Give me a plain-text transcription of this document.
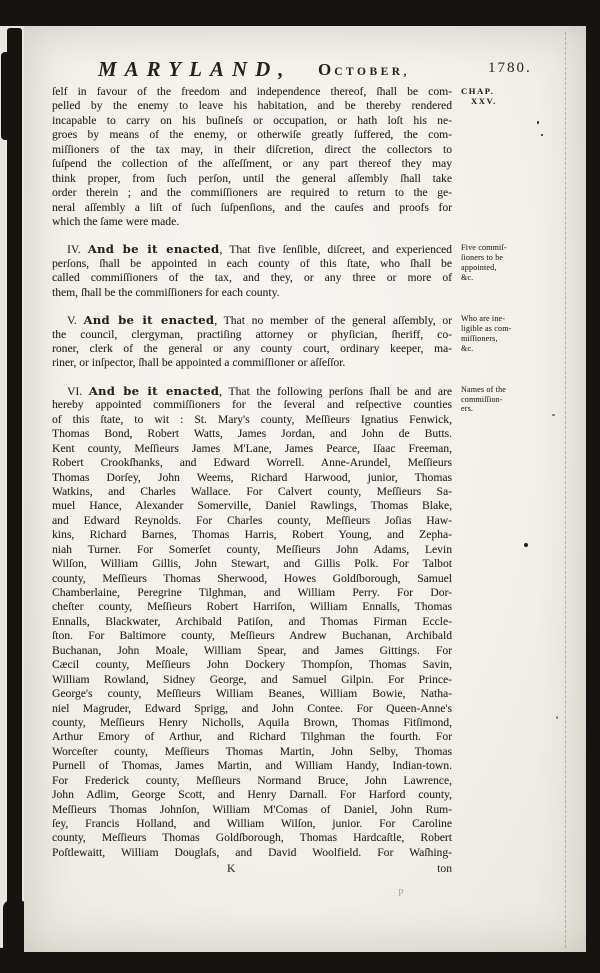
MARYLAND, OCTOBER,	1780.
ſelf in favour of the freedom and independence thereof, ſhall be com-
pelled by the enemy to leave his habitation, and be thereby rendered
incapable to carry on his buſineſs or occupation, or hath loſt his ne-
groes by means of the enemy, or otherwiſe greatly ſuffered, the com-
miſſioners of the tax may, in their diſcretion, direct the collectors to
ſuſpend the collection of the aſſeſſment, or any part thereof they may
think proper, from ſuch perſon, until the general aſſembly ſhall take
order therein ; and the commiſſioners are required to return to the ge-
neral aſſembly a liſt of ſuch ſuſpenſions, and the cauſes and proofs for
which the ſame were made.
CHAP.
XXV.
IV. And be it enacted, That five ſenſible, diſcreet, and experienced
perſons, ſhall be appointed in each county of this ſtate, who ſhall be
called commiſſioners of the tax, and they, or any three or more of
them, ſhall be the commiſſioners for each county.
Five commiſ-
ſioners to be
appointed,
&c.
V. And be it enacted, That no member of the general aſſembly, or
the council, clergyman, practiſing attorney or phyſician, ſheriff, co-
roner, clerk of the general or any county court, ordinary keeper, ma-
riner, or inſpector, ſhall be appointed a commiſſioner or aſſeſſor.
Who are ine-
ligible as com-
miſſioners,
&c.
VI. And be it enacted, That the following perſons ſhall be and are
hereby appointed commiſſioners for the ſeveral and reſpective counties
of this ſtate, to wit : St. Mary's county, Meſſieurs Ignatius Fenwick,
Thomas Bond, Robert Watts, James Jordan, and John de Butts.
Kent county, Meſſieurs James M'Lane, James Pearce, Iſaac Freeman,
Robert Crookſhanks, and Edward Worrell. Anne-Arundel, Meſſieurs
Thomas Dorſey, John Weems, Richard Harwood, junior, Thomas
Watkins, and Charles Wallace. For Calvert county, Meſſieurs Sa-
muel Hance, Alexander Somerville, Daniel Rawlings, Thomas Blake,
and Edward Reynolds. For Charles county, Meſſieurs Joſias Haw-
kins, Richard Barnes, Thomas Harris, Robert Young, and Zepha-
niah Turner. For Somerſet county, Meſſieurs John Adams, Levin
Wilſon, William Gillis, John Stewart, and Gillis Polk. For Talbot
county, Meſſieurs Thomas Sherwood, Howes Goldſborough, Samuel
Chamberlaine, Peregrine Tilghman, and William Perry. For Dor-
cheſter county, Meſſieurs Robert Harriſon, William Ennalls, Thomas
Ennalls, Blackwater, Archibald Patiſon, and Thomas Firman Eccle-
ſton. For Baltimore county, Meſſieurs Andrew Buchanan, Archibald
Buchanan, John Moale, William Spear, and James Gittings. For
Cæcil county, Meſſieurs John Dockery Thompſon, Thomas Savin,
William Rowland, Sidney George, and Samuel Gilpin. For Prince-
George's county, Meſſieurs William Beanes, William Bowie, Natha-
niel Magruder, Edward Sprigg, and John Contee. For Queen-Anne's
county, Meſſieurs Henry Nicholls, Aquila Brown, Thomas Fitſimond,
Arthur Emory of Arthur, and Richard Tilghman the fourth. For
Worceſter county, Meſſieurs Thomas Martin, John Selby, Thomas
Purnell of Thomas, James Martin, and William Handy, Indian-town.
For Frederick county, Meſſieurs Normand Bruce, John Lawrence,
John Adlim, George Scott, and Henry Darnall. For Harford county,
Meſſieurs Thomas Johnſon, William M'Comas of Daniel, John Rum-
ſey, Francis Holland, and William Wilſon, junior. For Caroline
county, Meſſieurs Thomas Goldſborough, Thomas Hardcaſtle, Robert
Poſtlewaitt, William Douglaſs, and David Woolfield. For Waſhing-
Names of the
commiſſion-
ers.
K	ton
P
